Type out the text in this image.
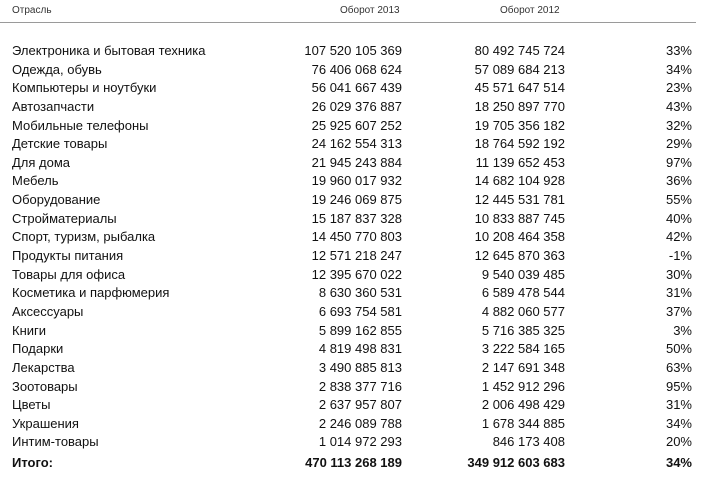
Отрасль	Оборот 2013	Оборот 2012
Электроника и бытовая техника	107 520 105 369	80 492 745 724	33%
Одежда, обувь	76 406 068 624	57 089 684 213	34%
Компьютеры и ноутбуки	56 041 667 439	45 571 647 514	23%
Автозапчасти	26 029 376 887	18 250 897 770	43%
Мобильные телефоны	25 925 607 252	19 705 356 182	32%
Детские товары	24 162 554 313	18 764 592 192	29%
Для дома	21 945 243 884	11 139 652 453	97%
Мебель	19 960 017 932	14 682 104 928	36%
Оборудование	19 246 069 875	12 445 531 781	55%
Стройматериалы	15 187 837 328	10 833 887 745	40%
Спорт, туризм, рыбалка	14 450 770 803	10 208 464 358	42%
Продукты питания	12 571 218 247	12 645 870 363	-1%
Товары для офиса	12 395 670 022	9 540 039 485	30%
Косметика и парфюмерия	8 630 360 531	6 589 478 544	31%
Аксессуары	6 693 754 581	4 882 060 577	37%
Книги	5 899 162 855	5 716 385 325	3%
Подарки	4 819 498 831	3 222 584 165	50%
Лекарства	3 490 885 813	2 147 691 348	63%
Зоотовары	2 838 377 716	1 452 912 296	95%
Цветы	2 637 957 807	2 006 498 429	31%
Украшения	2 246 089 788	1 678 344 885	34%
Интим-товары	1 014 972 293	846 173 408	20%
Итого:	470 113 268 189	349 912 603 683	34%
